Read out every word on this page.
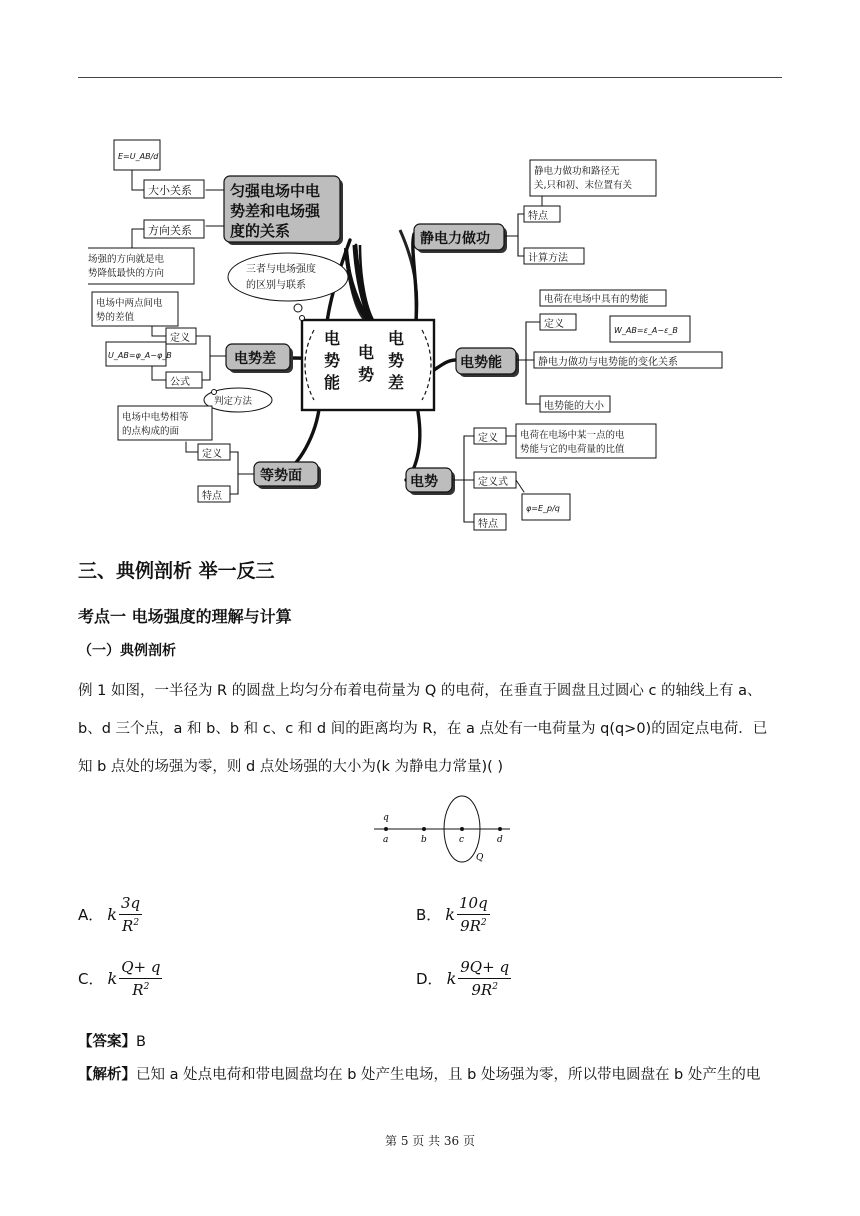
电
势
能
电
势
电
势
差
匀强电场中电
势差和电场强
度的关系
大小关系
方向关系
E=U_AB/d
场强的方向就是电
势降低最快的方向	三者与电场强度
的区别与联系
电势差
定义
公式
电场中两点间电
势的差值
U_AB=φ_A−φ_B
判定方法
等势面
定义
特点
电场中电势相等
的点构成的面
静电力做功
特点
计算方法
静电力做功和路径无
关,只和初、末位置有关
电势能
定义
静电力做功与电势能的变化关系
电势能的大小
电荷在电场中具有的势能
W_AB=ε_A−ε_B
电势
定义
定义式
特点
电荷在电场中某一点的电
势能与它的电荷量的比值
φ=E_p/q
三、典例剖析 举一反三
考点一 电场强度的理解与计算
（一）典例剖析
例 1 如图，一半径为 R 的圆盘上均匀分布着电荷量为 Q 的电荷，在垂直于圆盘且过圆心 c 的轴线上有 a、
b、d 三个点，a 和 b、b 和 c、c 和 d 间的距离均为 R，在 a 点处有一电荷量为 q(q>0)的固定点电荷．已
知 b 点处的场强为零，则 d 点处场强的大小为(k 为静电力常量)( )
q
a	b	c	d
Q
A． k $\frac{3q}{R^2}$	B． k $\frac{10q}{9R^2}$
C． k $\frac{Q+ q}{R^2}$	D． k $\frac{9Q+ q}{9R^2}$
【答案】B
【解析】已知 a 处点电荷和带电圆盘均在 b 处产生电场，且 b 处场强为零，所以带电圆盘在 b 处产生的电
第 5 页 共 36 页
